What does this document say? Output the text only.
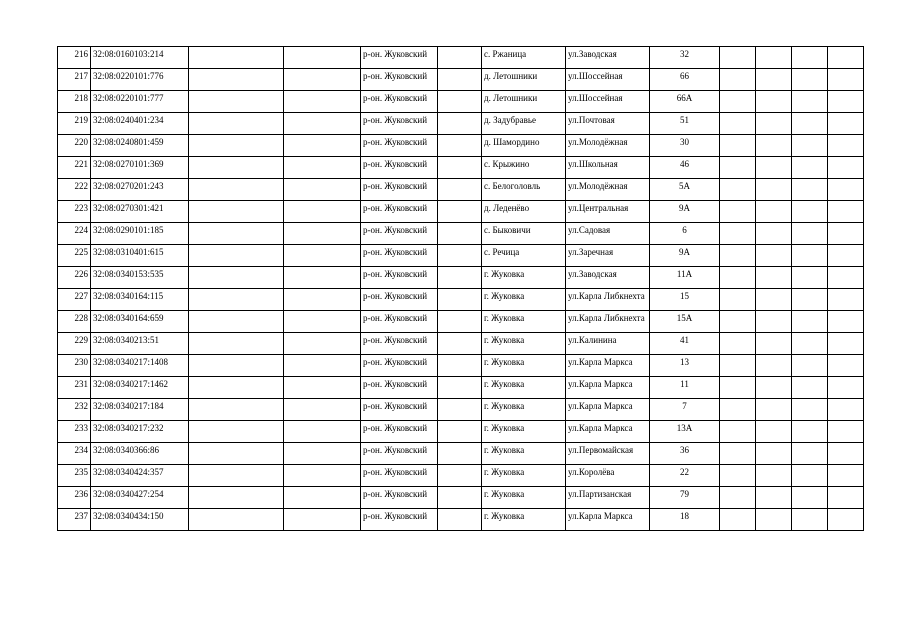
216	32:08:0160103:214			р-он. Жуковский		с. Ржаница	ул.Заводская	32				
217	32:08:0220101:776			р-он. Жуковский		д. Летошники	ул.Шоссейная	66				
218	32:08:0220101:777			р-он. Жуковский		д. Летошники	ул.Шоссейная	66А				
219	32:08:0240401:234			р-он. Жуковский		д. Задубравье	ул.Почтовая	51				
220	32:08:0240801:459			р-он. Жуковский		д. Шамордино	ул.Молодёжная	30				
221	32:08:0270101:369			р-он. Жуковский		с. Крыжино	ул.Школьная	46				
222	32:08:0270201:243			р-он. Жуковский		с. Белоголовль	ул.Молодёжная	5А				
223	32:08:0270301:421			р-он. Жуковский		д. Леденёво	ул.Центральная	9А				
224	32:08:0290101:185			р-он. Жуковский		с. Быковичи	ул.Садовая	6				
225	32:08:0310401:615			р-он. Жуковский		с. Речица	ул.Заречная	9А				
226	32:08:0340153:535			р-он. Жуковский		г. Жуковка	ул.Заводская	11А				
227	32:08:0340164:115			р-он. Жуковский		г. Жуковка	ул.Карла Либкнехта	15				
228	32:08:0340164:659			р-он. Жуковский		г. Жуковка	ул.Карла Либкнехта	15А				
229	32:08:0340213:51			р-он. Жуковский		г. Жуковка	ул.Калинина	41				
230	32:08:0340217:1408			р-он. Жуковский		г. Жуковка	ул.Карла Маркса	13				
231	32:08:0340217:1462			р-он. Жуковский		г. Жуковка	ул.Карла Маркса	11				
232	32:08:0340217:184			р-он. Жуковский		г. Жуковка	ул.Карла Маркса	7				
233	32:08:0340217:232			р-он. Жуковский		г. Жуковка	ул.Карла Маркса	13А				
234	32:08:0340366:86			р-он. Жуковский		г. Жуковка	ул.Первомайская	36				
235	32:08:0340424:357			р-он. Жуковский		г. Жуковка	ул.Королёва	22				
236	32:08:0340427:254			р-он. Жуковский		г. Жуковка	ул.Партизанская	79				
237	32:08:0340434:150			р-он. Жуковский		г. Жуковка	ул.Карла Маркса	18				
